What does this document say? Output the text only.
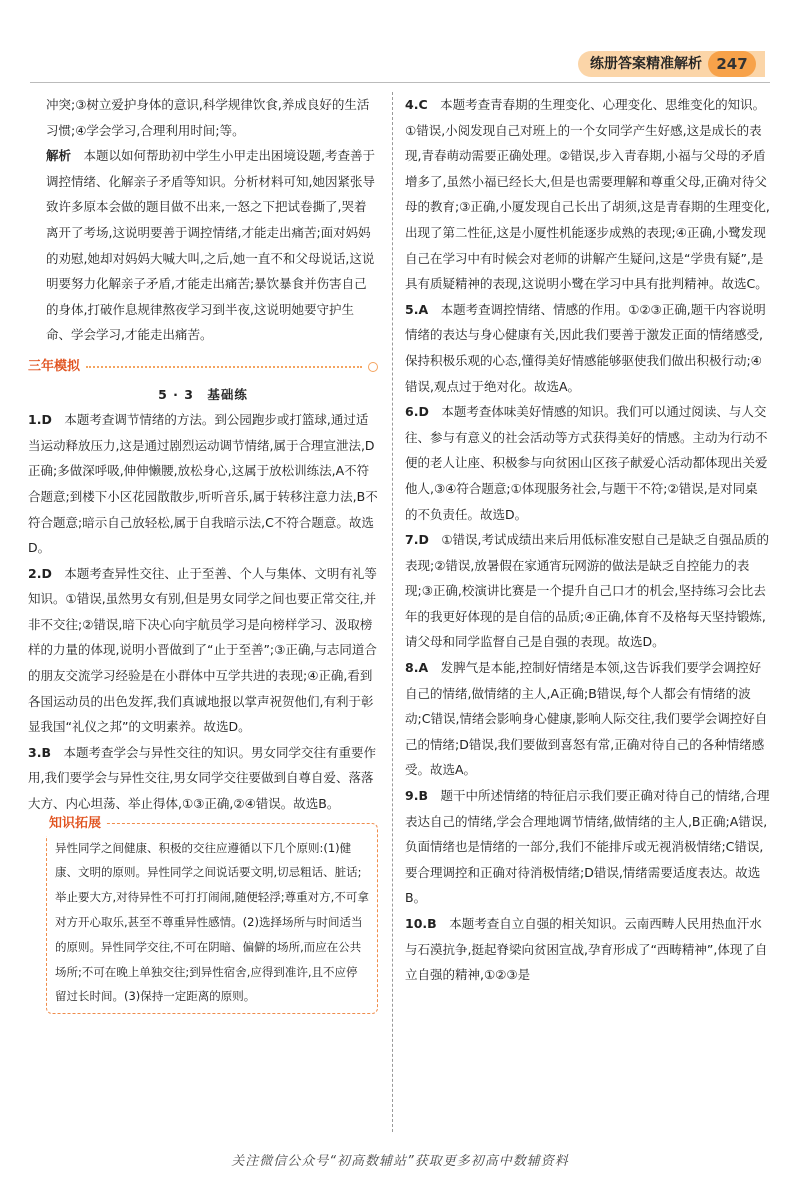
练册答案精准解析 247

冲突;③树立爱护身体的意识,科学规律饮食,养成良好的生活习惯;④学会学习,合理利用时间;等。

解析　 本题以如何帮助初中学生小甲走出困境设题,考查善于调控情绪、化解亲子矛盾等知识。分析材料可知,她因紧张导致许多原本会做的题目做不出来,一怒之下把试卷撕了,哭着离开了考场,这说明要善于调控情绪,才能走出痛苦;面对妈妈的劝慰,她却对妈妈大喊大叫,之后,她一直不和父母说话,这说明要努力化解亲子矛盾,才能走出痛苦;暴饮暴食并伤害自己的身体,打破作息规律熬夜学习到半夜,这说明她要守护生命、学会学习,才能走出痛苦。

三年模拟

5 · 3　基础练

1.D　 本题考查调节情绪的方法。到公园跑步或打篮球,通过适当运动释放压力,这是通过剧烈运动调节情绪,属于合理宣泄法,D正确;多做深呼吸,伸伸懒腰,放松身心,这属于放松训练法,A不符合题意;到楼下小区花园散散步,听听音乐,属于转移注意力法,B不符合题意;暗示自己放轻松,属于自我暗示法,C不符合题意。故选D。

2.D　 本题考查异性交往、止于至善、个人与集体、文明有礼等知识。①错误,虽然男女有别,但是男女同学之间也要正常交往,并非不交往;②错误,暗下决心向宇航员学习是向榜样学习、汲取榜样的力量的体现,说明小晋做到了“止于至善”;③正确,与志同道合的朋友交流学习经验是在小群体中互学共进的表现;④正确,看到各国运动员的出色发挥,我们真诚地报以掌声祝贺他们,有利于彰显我国“礼仪之邦”的文明素养。故选D。

3.B　 本题考查学会与异性交往的知识。男女同学交往有重要作用,我们要学会与异性交往,男女同学交往要做到自尊自爱、落落大方、内心坦荡、举止得体,①③正确,②④错误。故选B。

知识拓展

异性同学之间健康、积极的交往应遵循以下几个原则:(1)健康、文明的原则。异性同学之间说话要文明,切忌粗话、脏话;举止要大方,对待异性不可打打闹闹,随便轻浮;尊重对方,不可拿对方开心取乐,甚至不尊重异性感情。(2)选择场所与时间适当的原则。异性同学交往,不可在阴暗、偏僻的场所,而应在公共场所;不可在晚上单独交往;到异性宿舍,应得到准许,且不应停留过长时间。(3)保持一定距离的原则。

4.C　 本题考查青春期的生理变化、心理变化、思维变化的知识。①错误,小阅发现自己对班上的一个女同学产生好感,这是成长的表现,青春萌动需要正确处理。②错误,步入青春期,小福与父母的矛盾增多了,虽然小福已经长大,但是也需要理解和尊重父母,正确对待父母的教育;③正确,小厦发现自己长出了胡须,这是青春期的生理变化,出现了第二性征,这是小厦性机能逐步成熟的表现;④正确,小鹭发现自己在学习中有时候会对老师的讲解产生疑问,这是“学贵有疑”,是具有质疑精神的表现,这说明小鹭在学习中具有批判精神。故选C。

5.A　 本题考查调控情绪、情感的作用。①②③正确,题干内容说明情绪的表达与身心健康有关,因此我们要善于激发正面的情绪感受,保持积极乐观的心态,懂得美好情感能够驱使我们做出积极行动;④错误,观点过于绝对化。故选A。

6.D　 本题考查体味美好情感的知识。我们可以通过阅读、与人交往、参与有意义的社会活动等方式获得美好的情感。主动为行动不便的老人让座、积极参与向贫困山区孩子献爱心活动都体现出关爱他人,③④符合题意;①体现服务社会,与题干不符;②错误,是对同桌的不负责任。故选D。

7.D　 ①错误,考试成绩出来后用低标准安慰自己是缺乏自强品质的表现;②错误,放暑假在家通宵玩网游的做法是缺乏自控能力的表现;③正确,校演讲比赛是一个提升自己口才的机会,坚持练习会比去年的我更好体现的是自信的品质;④正确,体育不及格每天坚持锻炼,请父母和同学监督自己是自强的表现。故选D。

8.A　 发脾气是本能,控制好情绪是本领,这告诉我们要学会调控好自己的情绪,做情绪的主人,A正确;B错误,每个人都会有情绪的波动;C错误,情绪会影响身心健康,影响人际交往,我们要学会调控好自己的情绪;D错误,我们要做到喜怒有常,正确对待自己的各种情绪感受。故选A。

9.B　 题干中所述情绪的特征启示我们要正确对待自己的情绪,合理表达自己的情绪,学会合理地调节情绪,做情绪的主人,B正确;A错误,负面情绪也是情绪的一部分,我们不能排斥或无视消极情绪;C错误,要合理调控和正确对待消极情绪;D错误,情绪需要适度表达。故选B。

10.B　 本题考查自立自强的相关知识。云南西畴人民用热血汗水与石漠抗争,挺起脊梁向贫困宣战,孕育形成了“西畴精神”,体现了自立自强的精神,①②③是

关注微信公众号“初高数辅站”获取更多初高中数辅资料
